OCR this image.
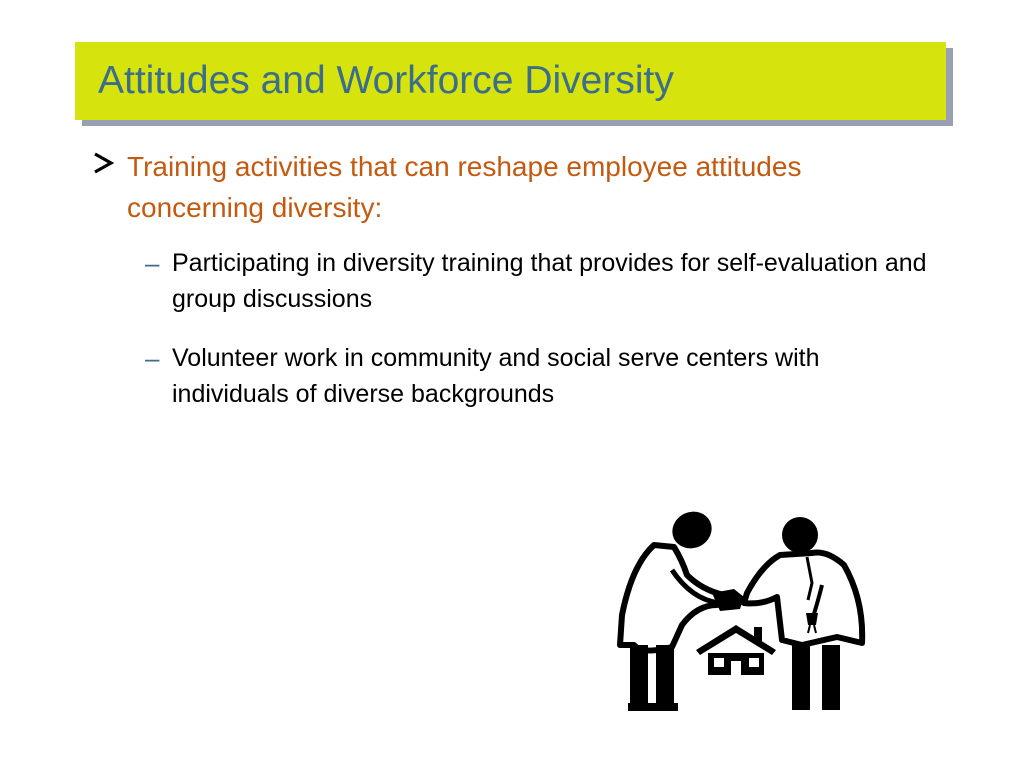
Attitudes and Workforce Diversity
Training activities that can reshape employee attitudes concerning diversity:
– Participating in diversity training that provides for self-evaluation and group discussions
– Volunteer work in community and social serve centers with individuals of diverse backgrounds
